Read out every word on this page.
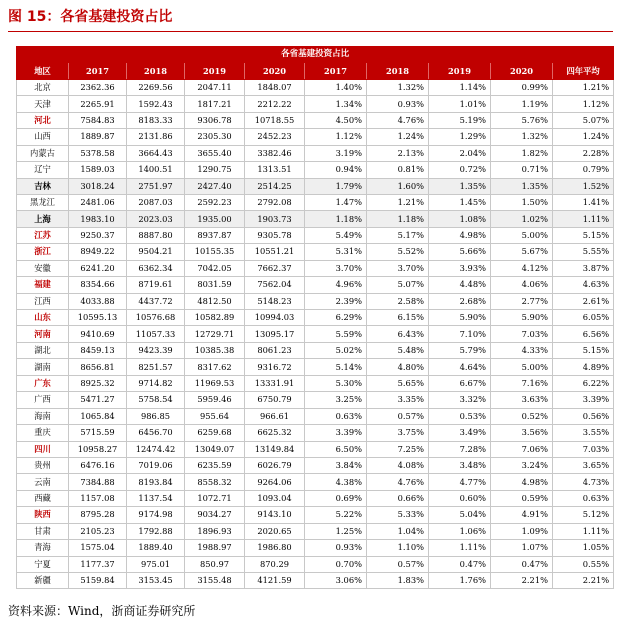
图 15：各省基建投资占比
各省基建投资占比									
地区	2017	2018	2019	2020	2017	2018	2019	2020	四年平均
北京	2362.36	2269.56	2047.11	1848.07	1.40%	1.32%	1.14%	0.99%	1.21%
天津	2265.91	1592.43	1817.21	2212.22	1.34%	0.93%	1.01%	1.19%	1.12%
河北	7584.83	8183.33	9306.78	10718.55	4.50%	4.76%	5.19%	5.76%	5.07%
山西	1889.87	2131.86	2305.30	2452.23	1.12%	1.24%	1.29%	1.32%	1.24%
内蒙古	5378.58	3664.43	3655.40	3382.46	3.19%	2.13%	2.04%	1.82%	2.28%
辽宁	1589.03	1400.51	1290.75	1313.51	0.94%	0.81%	0.72%	0.71%	0.79%
吉林	3018.24	2751.97	2427.40	2514.25	1.79%	1.60%	1.35%	1.35%	1.52%
黑龙江	2481.06	2087.03	2592.23	2792.08	1.47%	1.21%	1.45%	1.50%	1.41%
上海	1983.10	2023.03	1935.00	1903.73	1.18%	1.18%	1.08%	1.02%	1.11%
江苏	9250.37	8887.80	8937.87	9305.78	5.49%	5.17%	4.98%	5.00%	5.15%
浙江	8949.22	9504.21	10155.35	10551.21	5.31%	5.52%	5.66%	5.67%	5.55%
安徽	6241.20	6362.34	7042.05	7662.37	3.70%	3.70%	3.93%	4.12%	3.87%
福建	8354.66	8719.61	8031.59	7562.04	4.96%	5.07%	4.48%	4.06%	4.63%
江西	4033.88	4437.72	4812.50	5148.23	2.39%	2.58%	2.68%	2.77%	2.61%
山东	10595.13	10576.68	10582.89	10994.03	6.29%	6.15%	5.90%	5.90%	6.05%
河南	9410.69	11057.33	12729.71	13095.17	5.59%	6.43%	7.10%	7.03%	6.56%
湖北	8459.13	9423.39	10385.38	8061.23	5.02%	5.48%	5.79%	4.33%	5.15%
湖南	8656.81	8251.57	8317.62	9316.72	5.14%	4.80%	4.64%	5.00%	4.89%
广东	8925.32	9714.82	11969.53	13331.91	5.30%	5.65%	6.67%	7.16%	6.22%
广西	5471.27	5758.54	5959.46	6750.79	3.25%	3.35%	3.32%	3.63%	3.39%
海南	1065.84	986.85	955.64	966.61	0.63%	0.57%	0.53%	0.52%	0.56%
重庆	5715.59	6456.70	6259.68	6625.32	3.39%	3.75%	3.49%	3.56%	3.55%
四川	10958.27	12474.42	13049.07	13149.84	6.50%	7.25%	7.28%	7.06%	7.03%
贵州	6476.16	7019.06	6235.59	6026.79	3.84%	4.08%	3.48%	3.24%	3.65%
云南	7384.88	8193.84	8558.32	9264.06	4.38%	4.76%	4.77%	4.98%	4.73%
西藏	1157.08	1137.54	1072.71	1093.04	0.69%	0.66%	0.60%	0.59%	0.63%
陕西	8795.28	9174.98	9034.27	9143.10	5.22%	5.33%	5.04%	4.91%	5.12%
甘肃	2105.23	1792.88	1896.93	2020.65	1.25%	1.04%	1.06%	1.09%	1.11%
青海	1575.04	1889.40	1988.97	1986.80	0.93%	1.10%	1.11%	1.07%	1.05%
宁夏	1177.37	975.01	850.97	870.29	0.70%	0.57%	0.47%	0.47%	0.55%
新疆	5159.84	3153.45	3155.48	4121.59	3.06%	1.83%	1.76%	2.21%	2.21%
资料来源：Wind，浙商证券研究所
